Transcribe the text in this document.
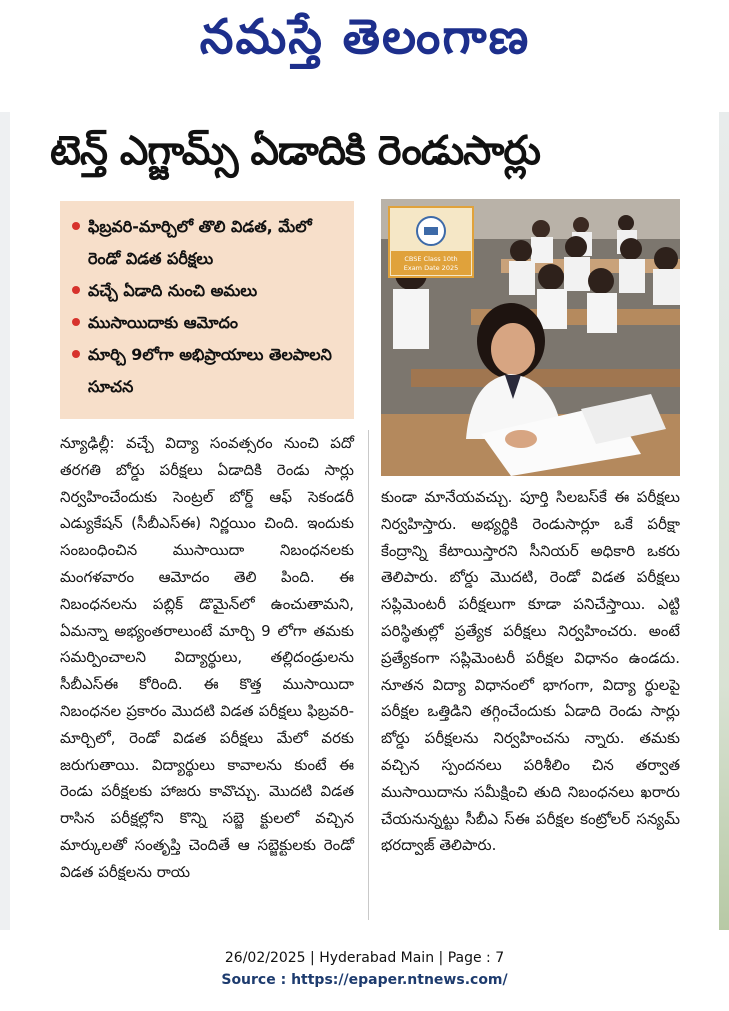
నమస్తే తెలంగాణ
టెన్త్ ఎగ్జామ్స్ ఏడాదికి రెండుసార్లు
ఫిబ్రవరి-మార్చిలో తొలి విడత, మేలో రెండో విడత పరీక్షలు
వచ్చే ఏడాది నుంచి అమలు
ముసాయిదాకు ఆమోదం
మార్చి 9లోగా అభిప్రాయాలు తెలపాలని సూచన
CBSE Class 10th
Exam Date 2025
న్యూఢిల్లీ: వచ్చే విద్యా సంవత్సరం నుంచి పదో తరగతి బోర్డు పరీక్షలు ఏడాదికి రెండు సార్లు నిర్వహించేందుకు సెంట్రల్ బోర్డ్ ఆఫ్ సెకండరీ ఎడ్యుకేషన్ (సీబీఎస్ఈ) నిర్ణయిం చింది. ఇందుకు సంబంధించిన ముసాయిదా నిబంధనలకు మంగళవారం ఆమోదం తెలి పింది. ఈ నిబంధనలను పబ్లిక్ డొమైన్‌లో ఉంచుతామని, ఏమన్నా అభ్యంతరాలుంటే మార్చి 9 లోగా తమకు సమర్పించాలని విద్యార్థులు, తల్లిదండ్రులను సీబీఎస్ఈ కోరింది. ఈ కొత్త ముసాయిదా నిబంధనల ప్రకారం మొదటి విడత పరీక్షలు ఫిబ్రవరి- మార్చిలో, రెండో విడత పరీక్షలు మేలో వరకు జరుగుతాయి. విద్యార్థులు కావాలను కుంటే ఈ రెండు పరీక్షలకు హాజరు కావొచ్చు. మొదటి విడత రాసిన పరీక్షల్లోని కొన్ని సబ్జె క్టులలో వచ్చిన మార్కులతో సంతృప్తి చెందితే ఆ సబ్జెక్టులకు రెండో విడత పరీక్షలను రాయ
కుండా మానేయవచ్చు. పూర్తి సిలబస్‌కే ఈ పరీక్షలు నిర్వహిస్తారు. అభ్యర్థికి రెండుసార్లూ ఒకే పరీక్షా కేంద్రాన్ని కేటాయిస్తారని సీనియర్ అధికారి ఒకరు తెలిపారు. బోర్డు మొదటి, రెండో విడత పరీక్షలు సప్లిమెంటరీ పరీక్షలుగా కూడా పనిచేస్తాయి. ఎట్టి పరిస్థితుల్లో ప్రత్యేక పరీక్షలు నిర్వహించరు. అంటే ప్రత్యేకంగా సప్లిమెంటరీ పరీక్షల విధానం ఉండదు. నూతన విద్యా విధానంలో భాగంగా, విద్యా ర్థులపై పరీక్షల ఒత్తిడిని తగ్గించేందుకు ఏడాది రెండు సార్లు బోర్డు పరీక్షలను నిర్వహించను న్నారు. తమకు వచ్చిన స్పందనలు పరిశీలిం చిన తర్వాత ముసాయిదాను సమీక్షించి తుది నిబంధనలు ఖరారు చేయనున్నట్టు సీబీఎ స్ఈ పరీక్షల కంట్రోలర్ సన్యమ్ భరద్వాజ్ తెలిపారు.
26/02/2025 | Hyderabad Main | Page : 7
Source : https://epaper.ntnews.com/
